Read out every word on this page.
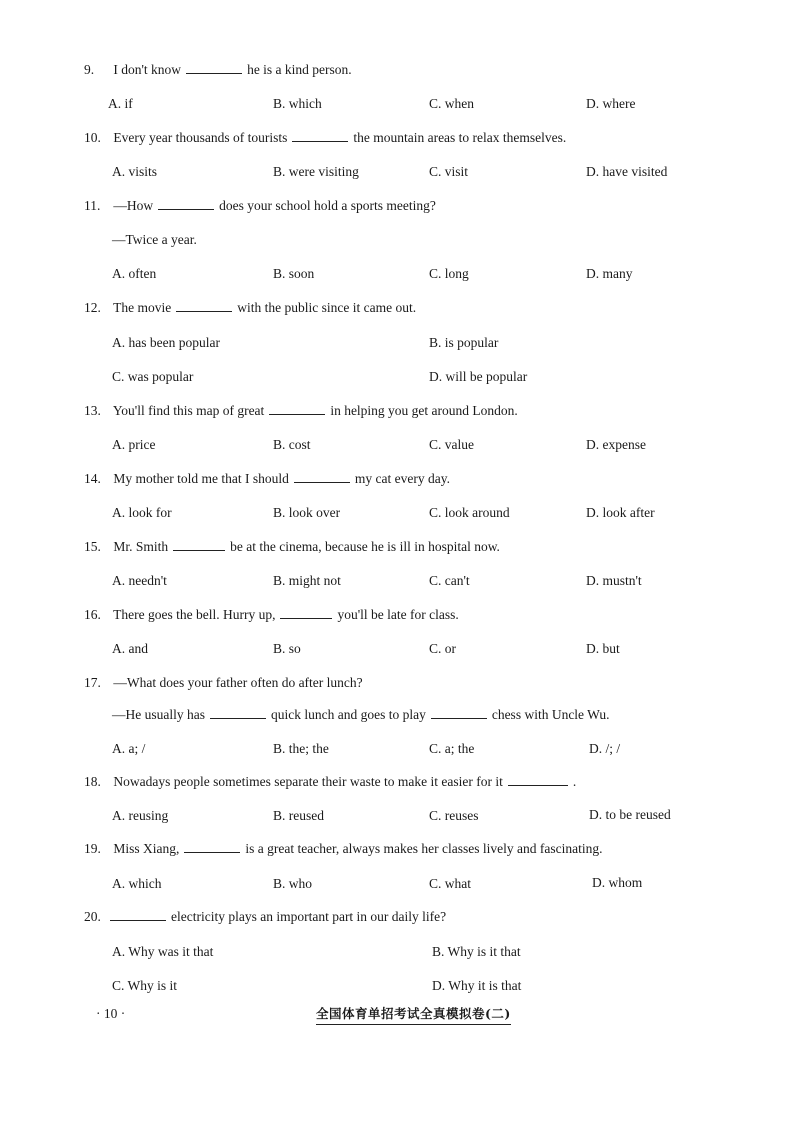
9. I don't know	he is a kind person.
A. if	B. which	C. when	D. where
10. Every year thousands of tourists	the mountain areas to relax themselves.
A. visits	B. were visiting	C. visit	D. have visited
11. —How	does your school hold a sports meeting?
—Twice a year.
A. often	B. soon	C. long	D. many
12. The movie	with the public since it came out.
A. has been popular	B. is popular
C. was popular	D. will be popular
13. You'll find this map of great	in helping you get around London.
A. price	B. cost	C. value	D. expense
14. My mother told me that I should	my cat every day.
A. look for	B. look over	C. look around	D. look after
15. Mr. Smith	be at the cinema, because he is ill in hospital now.
A. needn't	B. might not	C. can't	D. mustn't
16. There goes the bell. Hurry up,	you'll be late for class.
A. and	B. so	C. or	D. but
17. —What does your father often do after lunch?
—He usually has	quick lunch and goes to play	chess with Uncle Wu.
A. a; /	B. the; the	C. a; the	D. /; /
18. Nowadays people sometimes separate their waste to make it easier for it	.
A. reusing	B. reused	C. reuses	D. to be reused
19. Miss Xiang,	is a great teacher, always makes her classes lively and fascinating.
A. which	B. who	C. what	D. whom
20.	electricity plays an important part in our daily life?
A. Why was it that	B. Why is it that
C. Why is it	D. Why it is that
· 10 ·	全国体育单招考试全真模拟卷(二)
